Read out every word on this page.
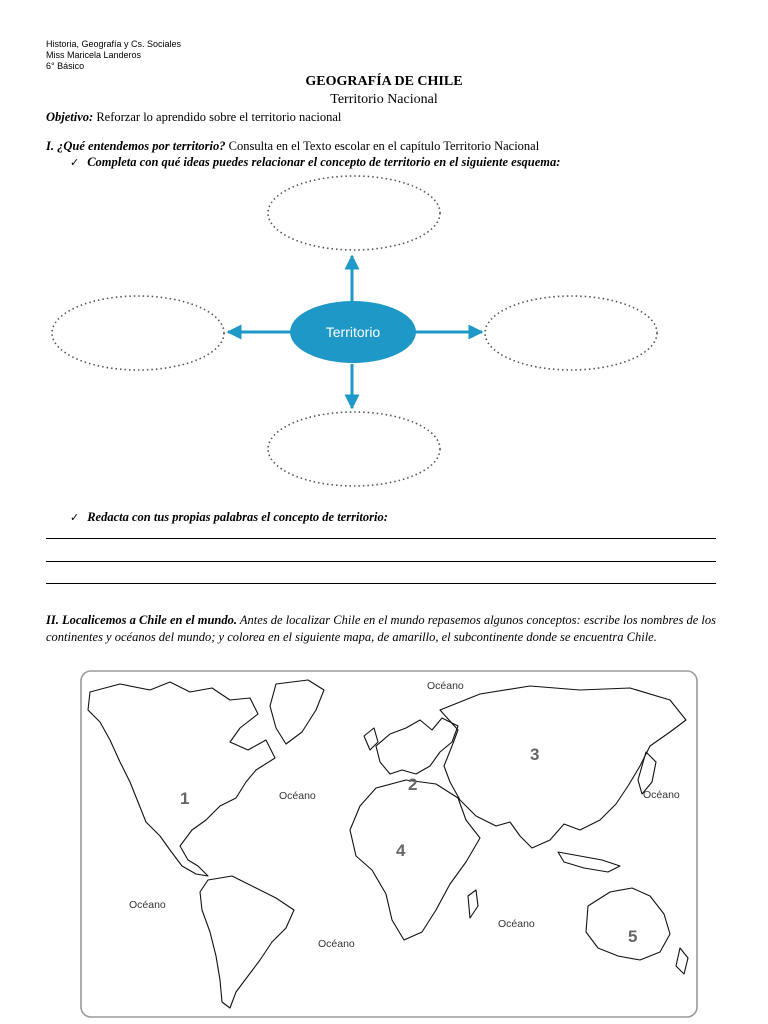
Historia, Geografía y Cs. Sociales
Miss Maricela Landeros
6° Básico
GEOGRAFÍA DE CHILE
Territorio Nacional
Objetivo: Reforzar lo aprendido sobre el territorio nacional
I. ¿Qué entendemos por territorio? Consulta en el Texto escolar en el capítulo Territorio Nacional
✓ Completa con qué ideas puedes relacionar el concepto de territorio en el siguiente esquema:
Territorio
✓ Redacta con tus propias palabras el concepto de territorio:
II. Localicemos a Chile en el mundo. Antes de localizar Chile en el mundo repasemos algunos conceptos: escribe los nombres de los continentes y océanos del mundo; y colorea en el siguiente mapa, de amarillo, el subcontinente donde se encuentra Chile.
1
2
3
4
5
Océano
Océano	Océano
Océano
Océano
Océano
